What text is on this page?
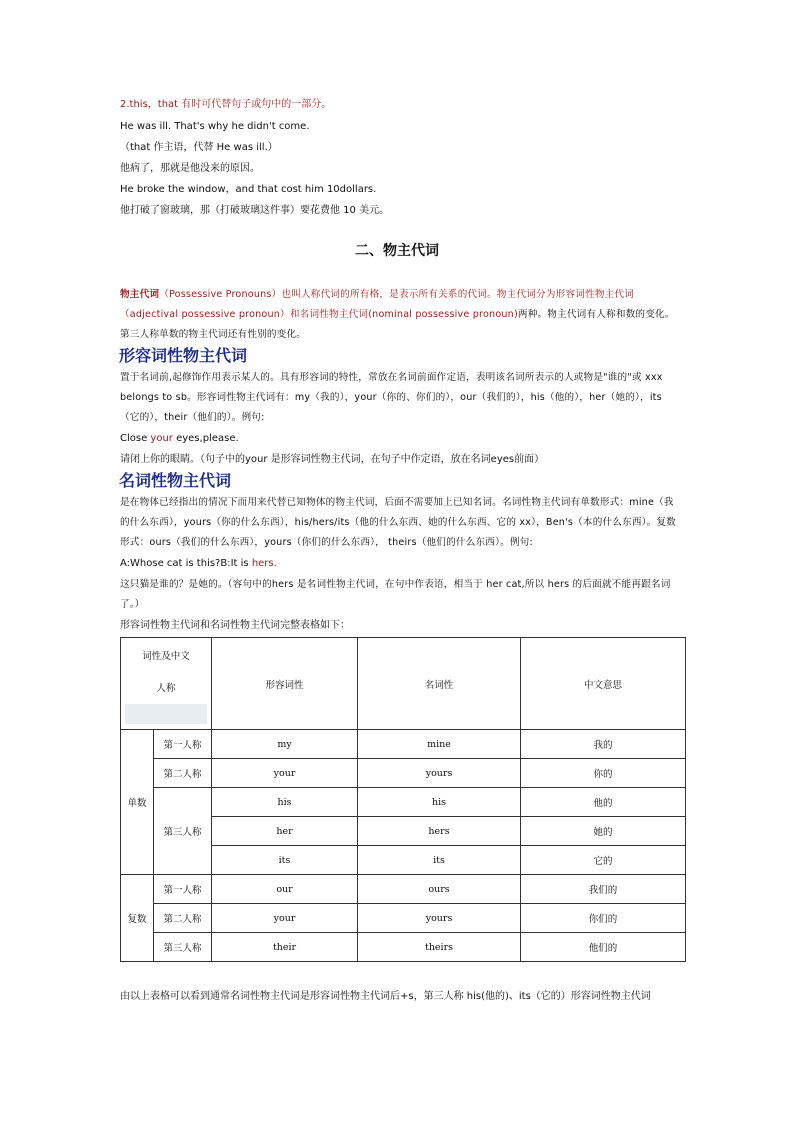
2.this，that 有时可代替句子或句中的一部分。
He was ill. That's why he didn't come.
（that 作主语，代替 He was ill.）
他病了，那就是他没来的原因。
He broke the window，and that cost him 10dollars.
他打破了窗玻璃，那（打破玻璃这件事）要花费他 10 美元。
二、物主代词
物主代词（Possessive Pronouns）也叫人称代词的所有格，是表示所有关系的代词。物主代词分为形容词性物主代词（adjectival possessive pronoun）和名词性物主代词(nominal possessive pronoun)两种。物主代词有人称和数的变化。第三人称单数的物主代词还有性别的变化。
形容词性物主代词
置于名词前,起修饰作用表示某人的。具有形容词的特性，常放在名词前面作定语，表明该名词所表示的人或物是"谁的"或 xxx belongs to sb。形容词性物主代词有：my（我的），your（你的、你们的），our（我们的），his（他的），her（她的），its（它的），their（他们的）。例句:
Close your eyes,please.
请闭上你的眼睛。（句子中的your 是形容词性物主代词，在句子中作定语，放在名词eyes前面）
名词性物主代词
是在物体已经指出的情况下而用来代替已知物体的物主代词，后面不需要加上已知名词。名词性物主代词有单数形式：mine（我的什么东西），yours（你的什么东西），his/hers/its（他的什么东西、她的什么东西、它的 xx），Ben's（本的什么东西）。复数形式：ours（我们的什么东西），yours（你们的什么东西）， theirs（他们的什么东西）。例句:
A:Whose cat is this?B:It is hers.
这只猫是谁的？是她的。（容句中的hers 是名词性物主代词，在句中作表语，相当于 her cat,所以 hers 的后面就不能再跟名词了。）
形容词性物主代词和名词性物主代词完整表格如下：
词性及中文
人称		形容词性	名词性	中文意思
单数	第一人称	my	mine	我的
	第二人称	your	yours	你的
	第三人称	his	his	他的
		her	hers	她的
		its	its	它的
复数	第一人称	our	ours	我们的
	第二人称	your	yours	你们的
	第三人称	their	theirs	他们的
由以上表格可以看到通常名词性物主代词是形容词性物主代词后+s，第三人称 his(他的)、its（它的）形容词性物主代词
